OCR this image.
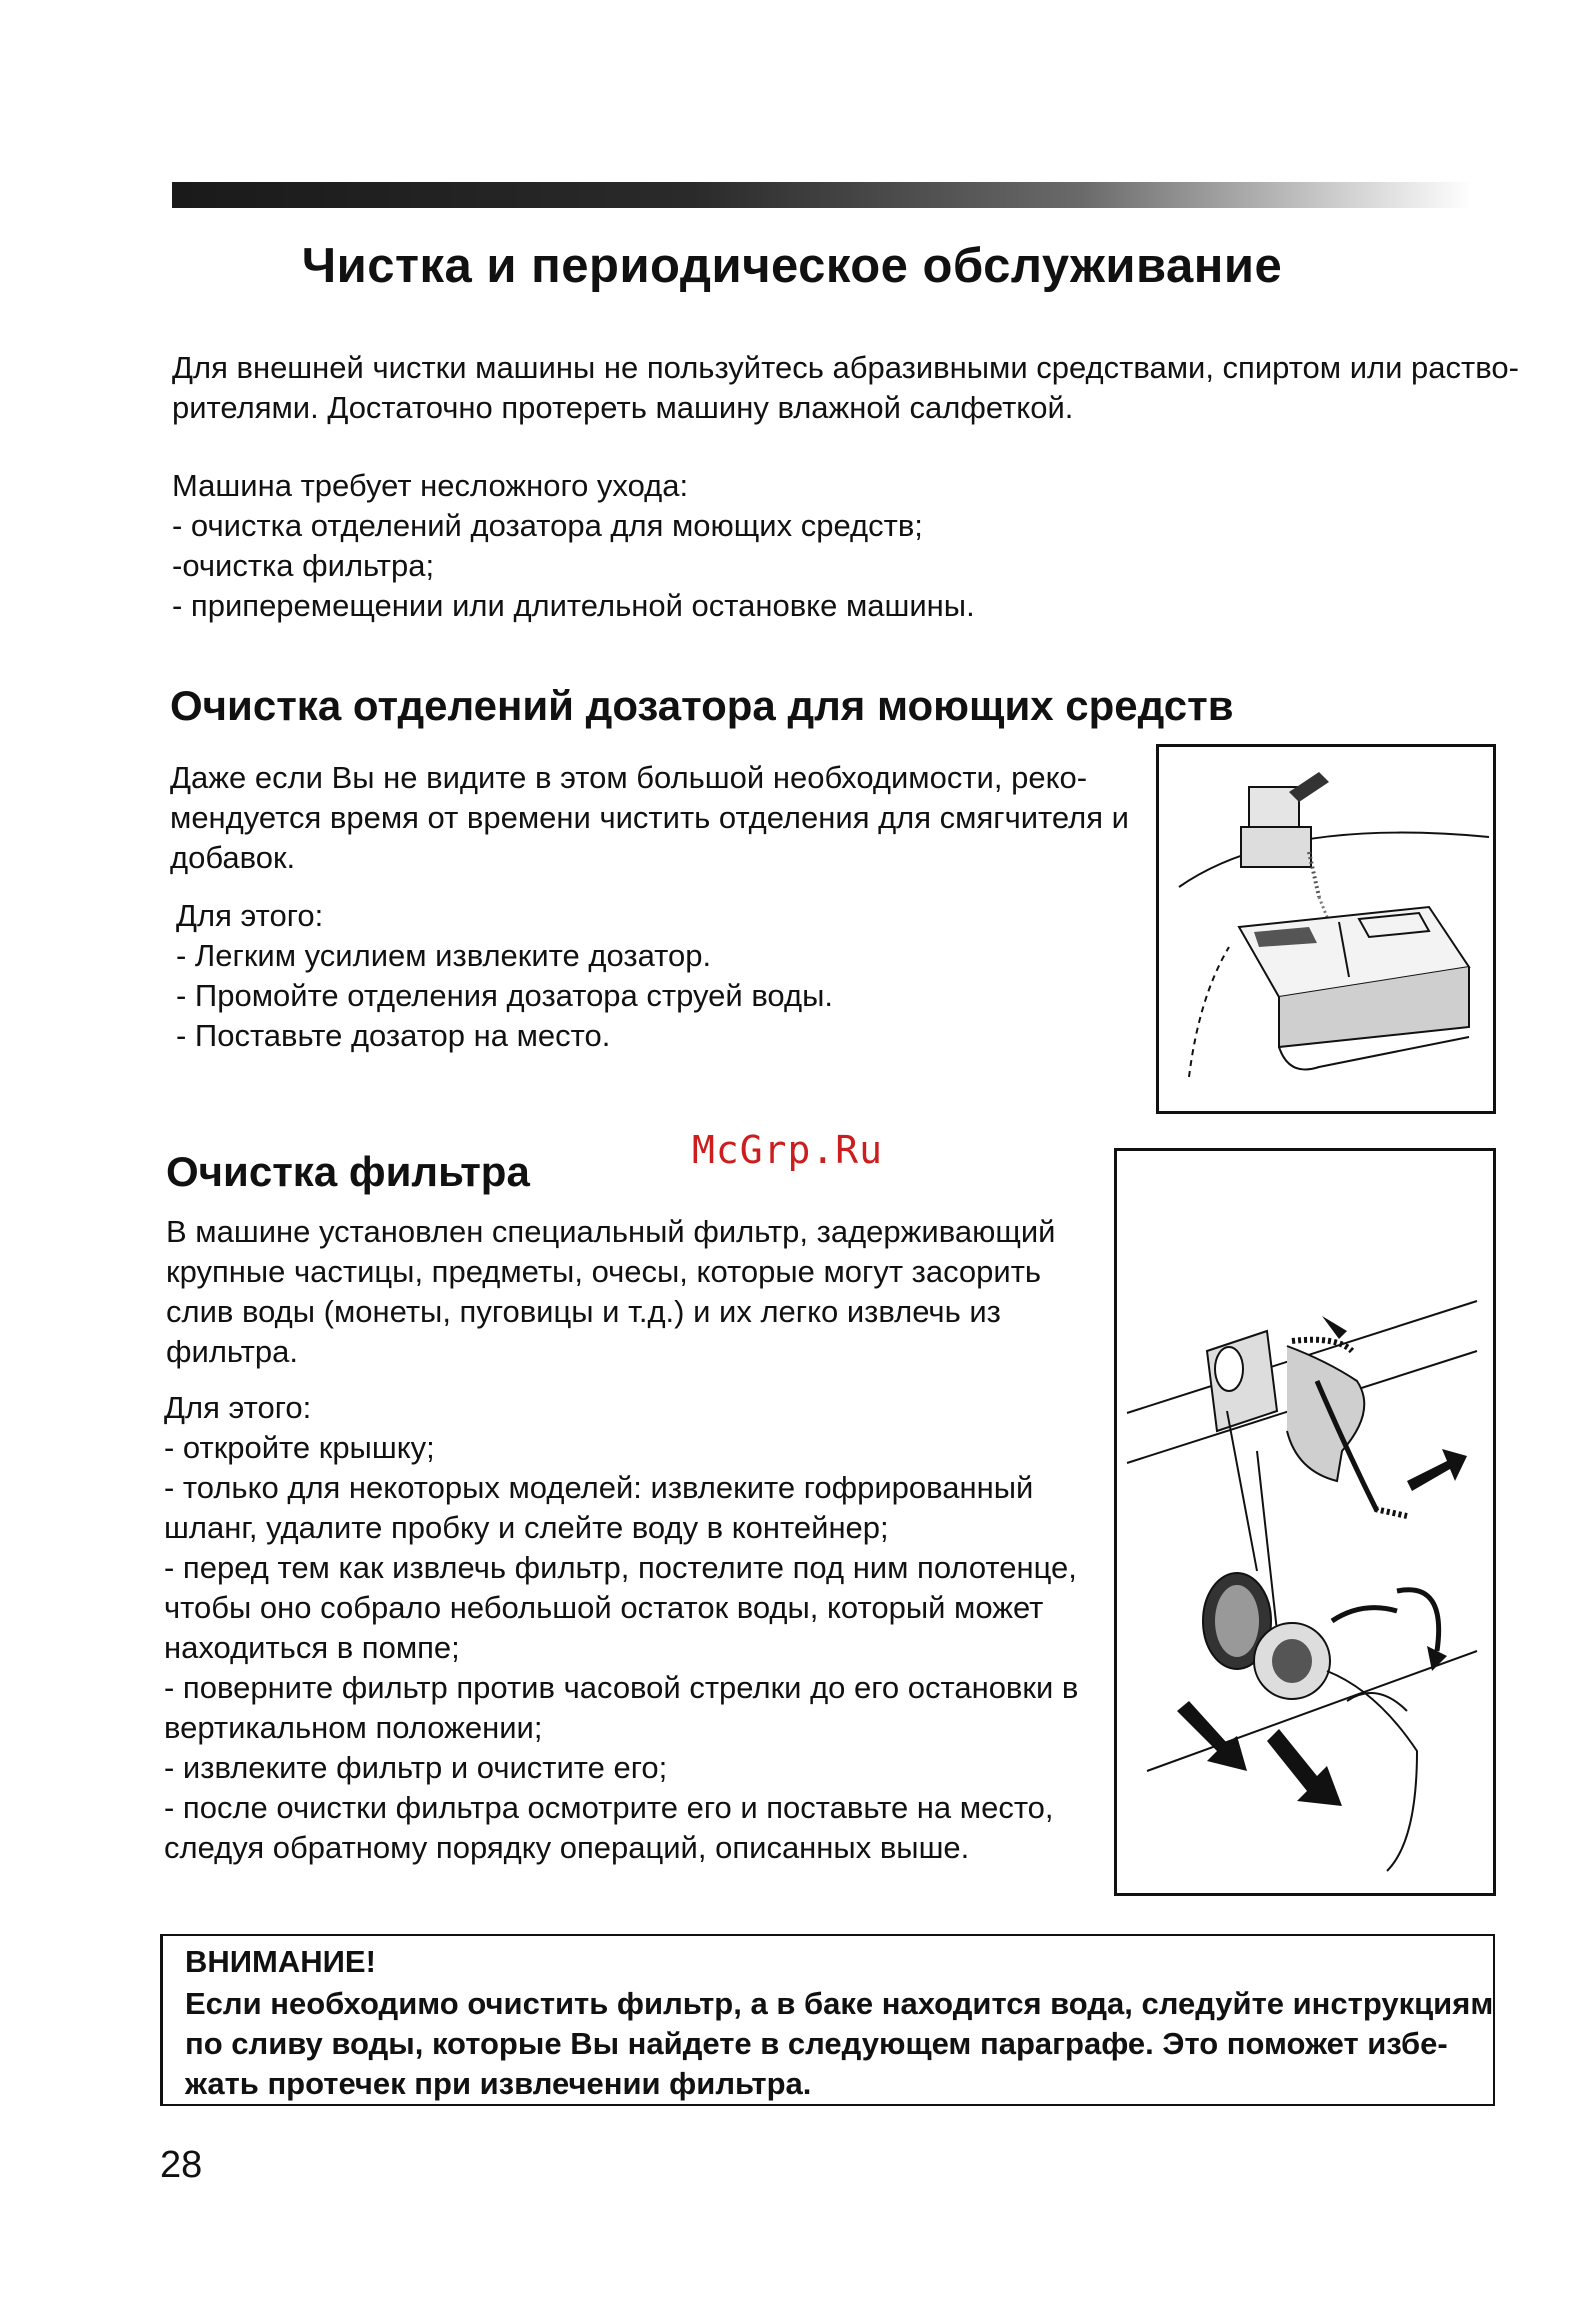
Чистка и периодическое обслуживание

Для внешней чистки машины не пользуйтесь абразивными средствами, спиртом или раство-
рителями. Достаточно протереть машину влажной салфеткой.

Машина требует несложного ухода:
- очистка отделений дозатора для моющих средств;
-очистка фильтра;
- припеpемещении или длительной остановке машины.

Очистка отделений дозатора для моющих средств

Даже если Вы не видите в этом большой необходимости, реко-
мендуется время от времени чистить отделения для смягчителя и
добавок.

Для этого:
- Легким усилием извлеките дозатор.
- Промойте отделения дозатора струей воды.
- Поставьте дозатор на место.

McGrp.Ru
Очистка фильтра

В машине установлен специальный фильтр, задерживающий
крупные частицы, предметы, очесы, которые могут засорить
слив воды (монеты, пуговицы и т.д.) и их легко извлечь из
фильтра.

Для этого:
- откройте крышку;
- только для некоторых моделей: извлеките гофрированный
шланг, удалите пробку и слейте воду в контейнер;
- перед тем как извлечь фильтр, постелите под ним полотенце,
чтобы оно собрало небольшой остаток воды, который может
находиться в помпе;
- поверните фильтр против часовой стрелки до его остановки в
вертикальном положении;
- извлеките фильтр и очистите его;
- после очистки фильтра осмотрите его и поставьте на место,
следуя обратному порядку операций, описанных выше.

ВНИМАНИЕ!
Если необходимо очистить фильтр, а в баке находится вода, следуйте инструкциям
по сливу воды, которые Вы найдете в следующем параграфе. Это поможет избе-
жать протечек при извлечении фильтра.
28
